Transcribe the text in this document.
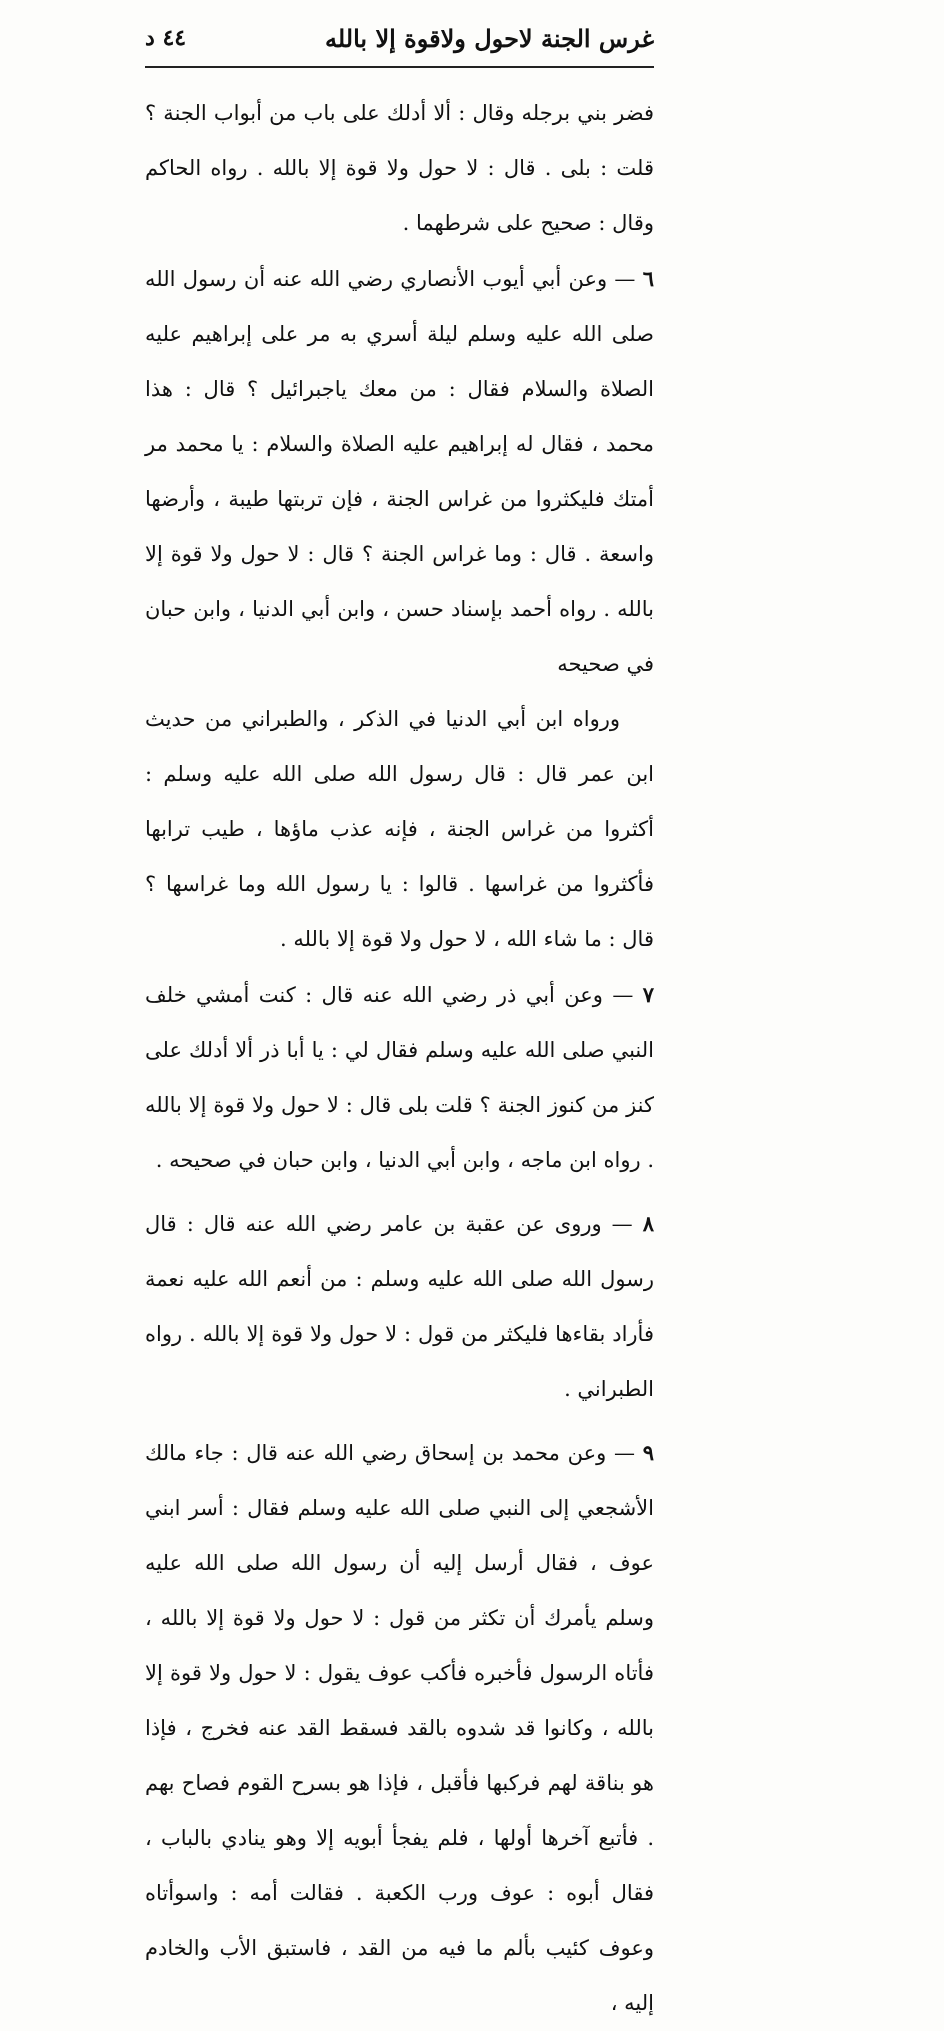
غرس الجنة لاحول ولاقوة إلا بالله
٤٤ د

فضر بني برجله وقال : ألا أدلك على باب من أبواب الجنة ؟ قلت : بلى . قال : لا حول ولا قوة إلا بالله . رواه الحاكم وقال : صحيح على شرطهما .

٦ — وعن أبي أيوب الأنصاري رضي الله عنه أن رسول الله صلى الله عليه وسلم ليلة أسري به مر على إبراهيم عليه الصلاة والسلام فقال : من معك ياجبرائيل ؟ قال : هذا محمد ، فقال له إبراهيم عليه الصلاة والسلام : يا محمد مر أمتك فليكثروا من غراس الجنة ، فإن تربتها طيبة ، وأرضها واسعة . قال : وما غراس الجنة ؟ قال : لا حول ولا قوة إلا بالله . رواه أحمد بإسناد حسن ، وابن أبي الدنيا ، وابن حبان في صحيحه

ورواه ابن أبي الدنيا في الذكر ، والطبراني من حديث ابن عمر قال : قال رسول الله صلى الله عليه وسلم : أكثروا من غراس الجنة ، فإنه عذب ماؤها ، طيب ترابها فأكثروا من غراسها . قالوا : يا رسول الله وما غراسها ؟ قال : ما شاء الله ، لا حول ولا قوة إلا بالله .

٧ — وعن أبي ذر رضي الله عنه قال : كنت أمشي خلف النبي صلى الله عليه وسلم فقال لي : يا أبا ذر ألا أدلك على كنز من كنوز الجنة ؟ قلت بلى قال : لا حول ولا قوة إلا بالله . رواه ابن ماجه ، وابن أبي الدنيا ، وابن حبان في صحيحه .

٨ — وروى عن عقبة بن عامر رضي الله عنه قال : قال رسول الله صلى الله عليه وسلم : من أنعم الله عليه نعمة فأراد بقاءها فليكثر من قول : لا حول ولا قوة إلا بالله . رواه الطبراني .

٩ — وعن محمد بن إسحاق رضي الله عنه قال : جاء مالك الأشجعي إلى النبي صلى الله عليه وسلم فقال : أسر ابني عوف ، فقال أرسل إليه أن رسول الله صلى الله عليه وسلم يأمرك أن تكثر من قول : لا حول ولا قوة إلا بالله ، فأتاه الرسول فأخبره فأكب عوف يقول : لا حول ولا قوة إلا بالله ، وكانوا قد شدوه بالقد فسقط القد عنه فخرج ، فإذا هو بناقة لهم فركبها فأقبل ، فإذا هو بسرح القوم فصاح بهم . فأتبع آخرها أولها ، فلم يفجأ أبويه إلا وهو ينادي بالباب ، فقال أبوه : عوف ورب الكعبة . فقالت أمه : واسوأتاه وعوف كئيب بألم ما فيه من القد ، فاستبق الأب والخادم إليه ،
